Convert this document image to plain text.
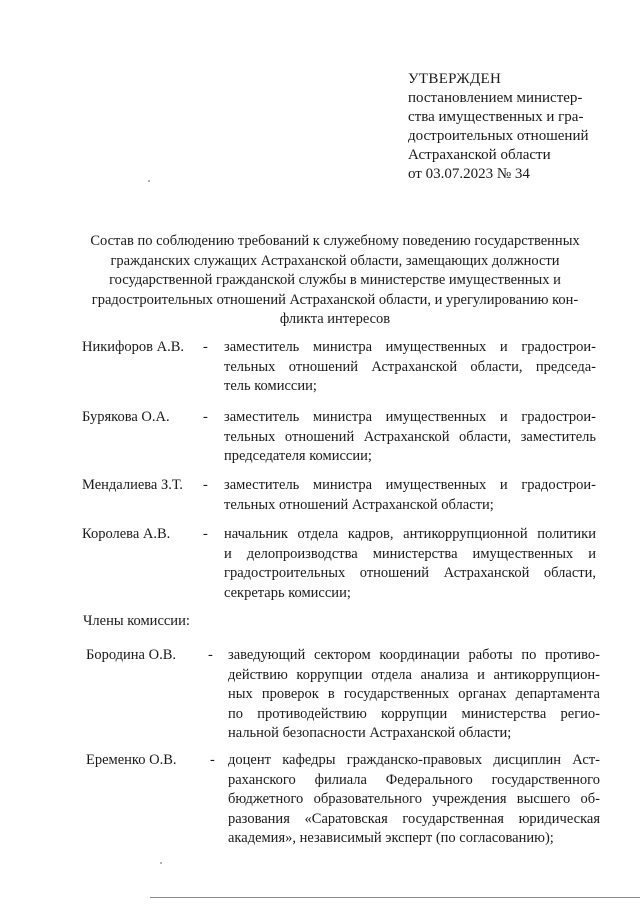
УТВЕРЖДЕН
постановлением министер-
ства имущественных и гра-
достроительных отношений
Астраханской области
от 03.07.2023 № 34
Состав по соблюдению требований к служебному поведению государственных
гражданских служащих Астраханской области, замещающих должности
государственной гражданской службы в министерстве имущественных и
градостроительных отношений Астраханской области, и урегулированию кон-
фликта интересов
Никифоров А.В. - заместитель министра имущественных и градострои-
тельных отношений Астраханской области, председа-
тель комиссии;
Бурякова О.А. - заместитель министра имущественных и градострои-
тельных отношений Астраханской области, заместитель
председателя комиссии;
Мендалиева З.Т. - заместитель министра имущественных и градострои-
тельных отношений Астраханской области;
Королева А.В. - начальник отдела кадров, антикоррупционной политики
и делопроизводства министерства имущественных и
градостроительных отношений Астраханской области,
секретарь комиссии;
Члены комиссии:
Бородина О.В. - заведующий сектором координации работы по противо-
действию коррупции отдела анализа и антикоррупцион-
ных проверок в государственных органах департамента
по противодействию коррупции министерства регио-
нальной безопасности Астраханской области;
Еременко О.В. - доцент кафедры гражданско-правовых дисциплин Аст-
раханского филиала Федерального государственного
бюджетного образовательного учреждения высшего об-
разования «Саратовская государственная юридическая
академия», независимый эксперт (по согласованию);
